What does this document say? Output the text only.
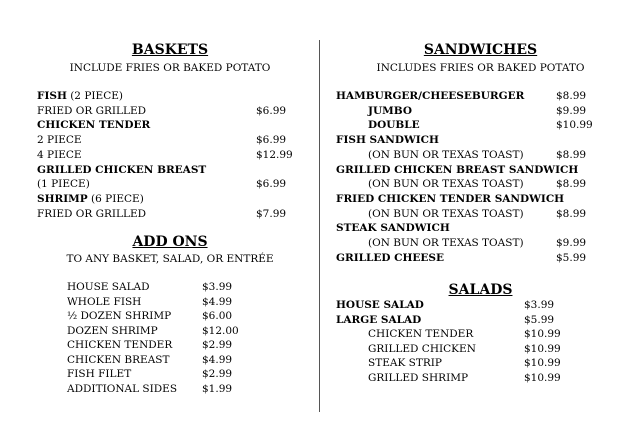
BASKETS
INCLUDE FRIES OR BAKED POTATO
FISH (2 PIECE)
FRIED OR GRILLED	$6.99
CHICKEN TENDER
2 PIECE	$6.99
4 PIECE	$12.99
GRILLED CHICKEN BREAST
(1 PIECE)	$6.99
SHRIMP (6 PIECE)
FRIED OR GRILLED	$7.99
ADD ONS
TO ANY BASKET, SALAD, OR ENTRÉE
HOUSE SALAD	$3.99
WHOLE FISH	$4.99
½ DOZEN SHRIMP	$6.00
DOZEN SHRIMP	$12.00
CHICKEN TENDER	$2.99
CHICKEN BREAST	$4.99
FISH FILET	$2.99
ADDITIONAL SIDES $1.99
SANDWICHES
INCLUDES FRIES OR BAKED POTATO
HAMBURGER/CHEESEBURGER	$8.99
JUMBO	$9.99
DOUBLE	$10.99
FISH SANDWICH
(ON BUN OR TEXAS TOAST)	$8.99
GRILLED CHICKEN BREAST SANDWICH
(ON BUN OR TEXAS TOAST)	$8.99
FRIED CHICKEN TENDER SANDWICH
(ON BUN OR TEXAS TOAST)	$8.99
STEAK SANDWICH
(ON BUN OR TEXAS TOAST)	$9.99
GRILLED CHEESE	$5.99
SALADS
HOUSE SALAD	$3.99
LARGE SALAD	$5.99
CHICKEN TENDER	$10.99
GRILLED CHICKEN	$10.99
STEAK STRIP	$10.99
GRILLED SHRIMP	$10.99
